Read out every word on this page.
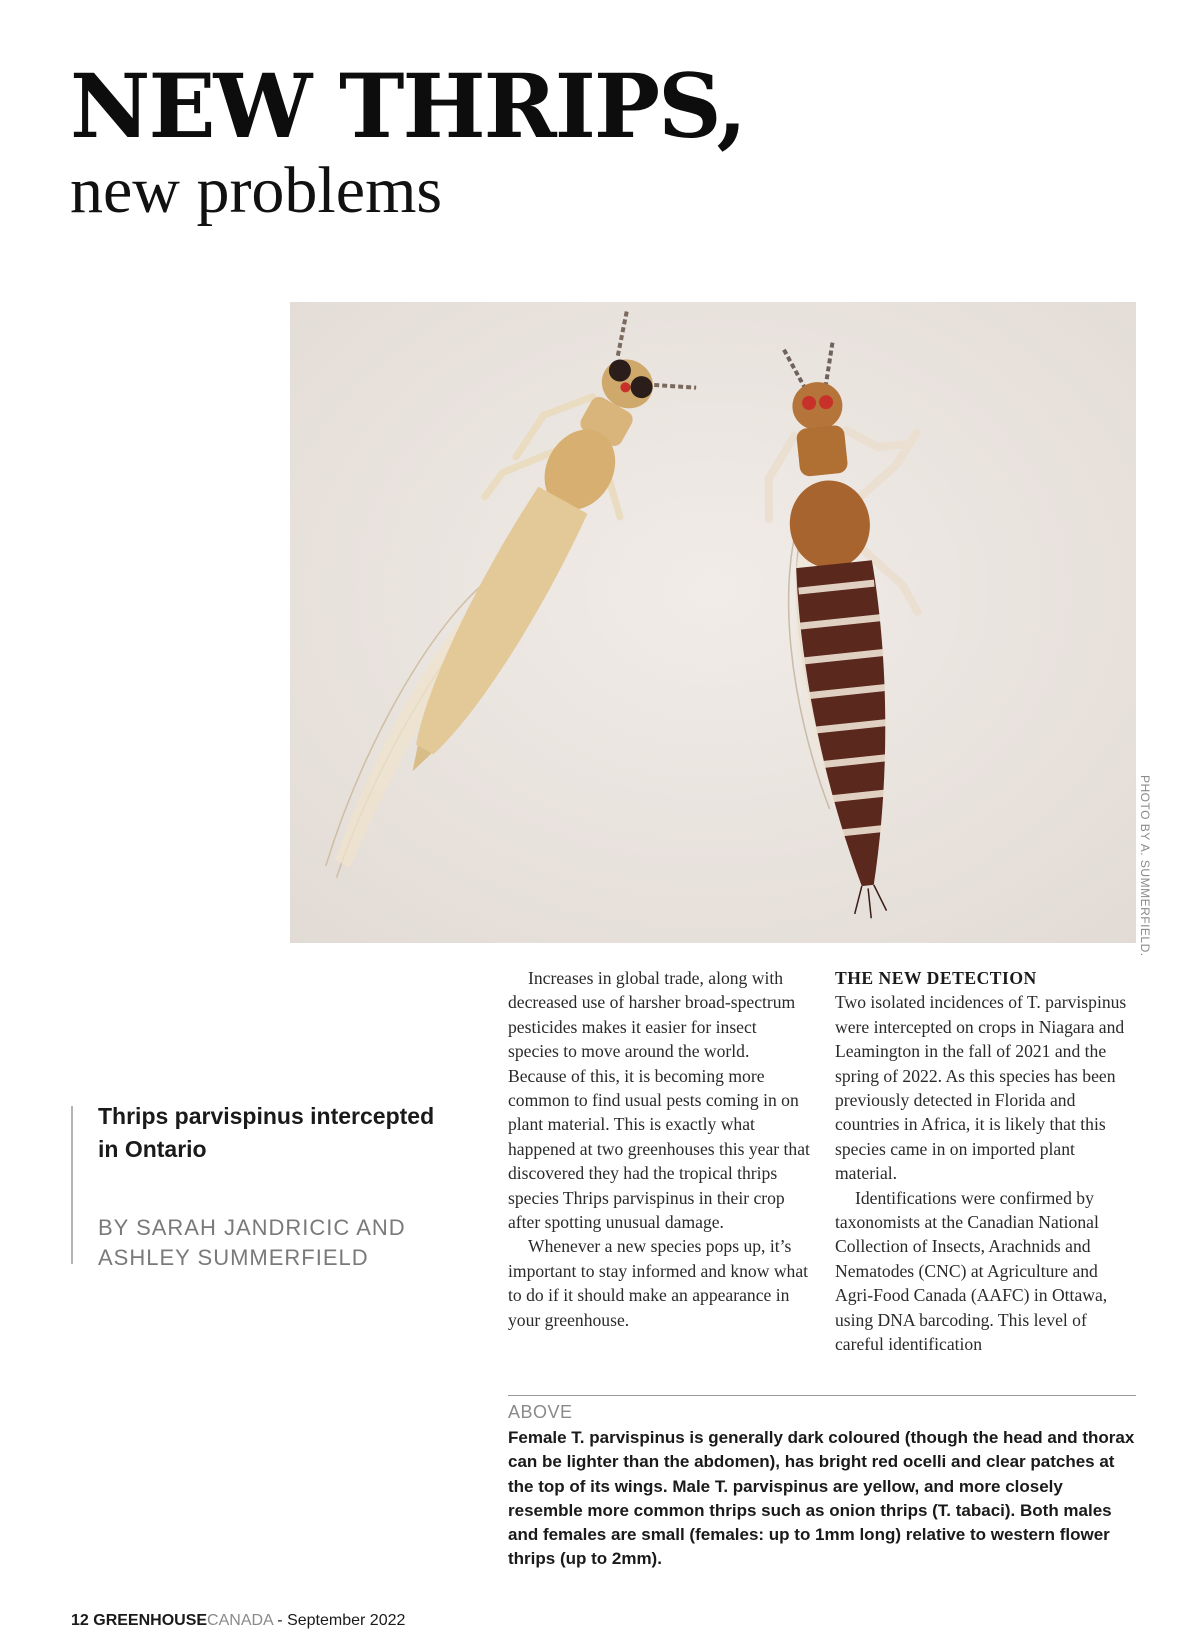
NEW THRIPS,
new problems
PHOTO BY A. SUMMERFIELD.
Thrips parvispinus intercepted in Ontario
BY SARAH JANDRICIC AND
ASHLEY SUMMERFIELD

Increases in global trade, along with decreased use of harsher broad-spectrum pesticides makes it easier for insect species to move around the world. Because of this, it is becoming more common to find usual pests coming in on plant material. This is exactly what happened at two greenhouses this year that discovered they had the tropical thrips species Thrips parvispinus in their crop after spotting unusual damage.

Whenever a new species pops up, it’s important to stay informed and know what to do if it should make an appearance in your greenhouse.

THE NEW DETECTION

Two isolated incidences of T. parvispinus were intercepted on crops in Niagara and Leamington in the fall of 2021 and the spring of 2022. As this species has been previously detected in Florida and countries in Africa, it is likely that this species came in on imported plant material.

Identifications were confirmed by taxonomists at the Canadian National Collection of Insects, Arachnids and Nematodes (CNC) at Agriculture and Agri-Food Canada (AAFC) in Ottawa, using DNA barcoding. This level of careful identification

ABOVE

Female T. parvispinus is generally dark coloured (though the head and thorax can be lighter than the abdomen), has bright red ocelli and clear patches at the top of its wings. Male T. parvispinus are yellow, and more closely resemble more common thrips such as onion thrips (T. tabaci). Both males and females are small (females: up to 1mm long) relative to western flower thrips (up to 2mm).

12 GREENHOUSECANADA - September 2022
